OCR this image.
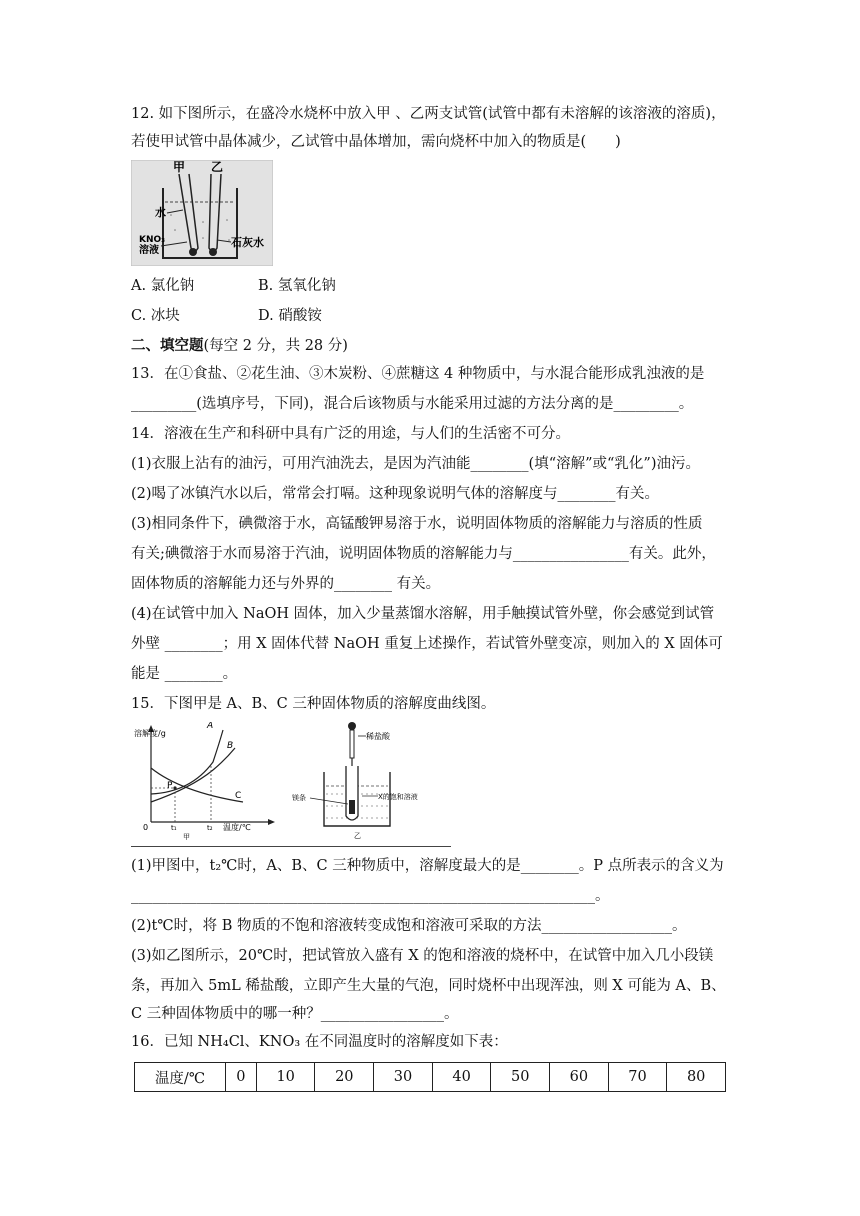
12. 如下图所示，在盛冷水烧杯中放入甲 、乙两支试管(试管中都有未溶解的该溶液的溶质)，
若使甲试管中晶体减少，乙试管中晶体增加，需向烧杯中加入的物质是(　　)
甲 乙
水
KNO₃
溶液
石灰水
A. 氯化钠	B. 氢氧化钠
C. 冰块	D. 硝酸铵
二、填空题(每空 2 分，共 28 分)
13．在①食盐、②花生油、③木炭粉、④蔗糖这 4 种物质中，与水混合能形成乳浊液的是
_________(选填序号，下同)，混合后该物质与水能采用过滤的方法分离的是_________。
14．溶液在生产和科研中具有广泛的用途，与人们的生活密不可分。
(1)衣服上沾有的油污，可用汽油洗去，是因为汽油能________(填“溶解”或“乳化”)油污。
(2)喝了冰镇汽水以后，常常会打嗝。这种现象说明气体的溶解度与________有关。
(3)相同条件下，碘微溶于水，高锰酸钾易溶于水，说明固体物质的溶解能力与溶质的性质
有关;碘微溶于水而易溶于汽油，说明固体物质的溶解能力与________________有关。此外，
固体物质的溶解能力还与外界的________ 有关。
(4)在试管中加入 NaOH 固体，加入少量蒸馏水溶解，用手触摸试管外壁，你会感觉到试管
外壁 ________；用 X 固体代替 NaOH 重复上述操作，若试管外壁变凉，则加入的 X 固体可
能是 ________。
15．下图甲是 A、B、C 三种固体物质的溶解度曲线图。
溶解度/g
P
A
B
C
0	t₁	t₂ 温度/℃
甲
稀盐酸
镁条	X的饱和溶液
乙
(1)甲图中，t₂℃时，A、B、C 三种物质中，溶解度最大的是________。P 点所表示的含义为
________________________________________________________________。
(2)t℃时，将 B 物质的不饱和溶液转变成饱和溶液可采取的方法__________________。
(3)如乙图所示，20℃时，把试管放入盛有 X 的饱和溶液的烧杯中，在试管中加入几小段镁
条，再加入 5mL 稀盐酸，立即产生大量的气泡，同时烧杯中出现浑浊，则 X 可能为 A、B、
C 三种固体物质中的哪一种？_________________。
16．已知 NH₄Cl、KNO₃ 在不同温度时的溶解度如下表：
温度/℃	0	10	20	30	40	50	60	70	80
